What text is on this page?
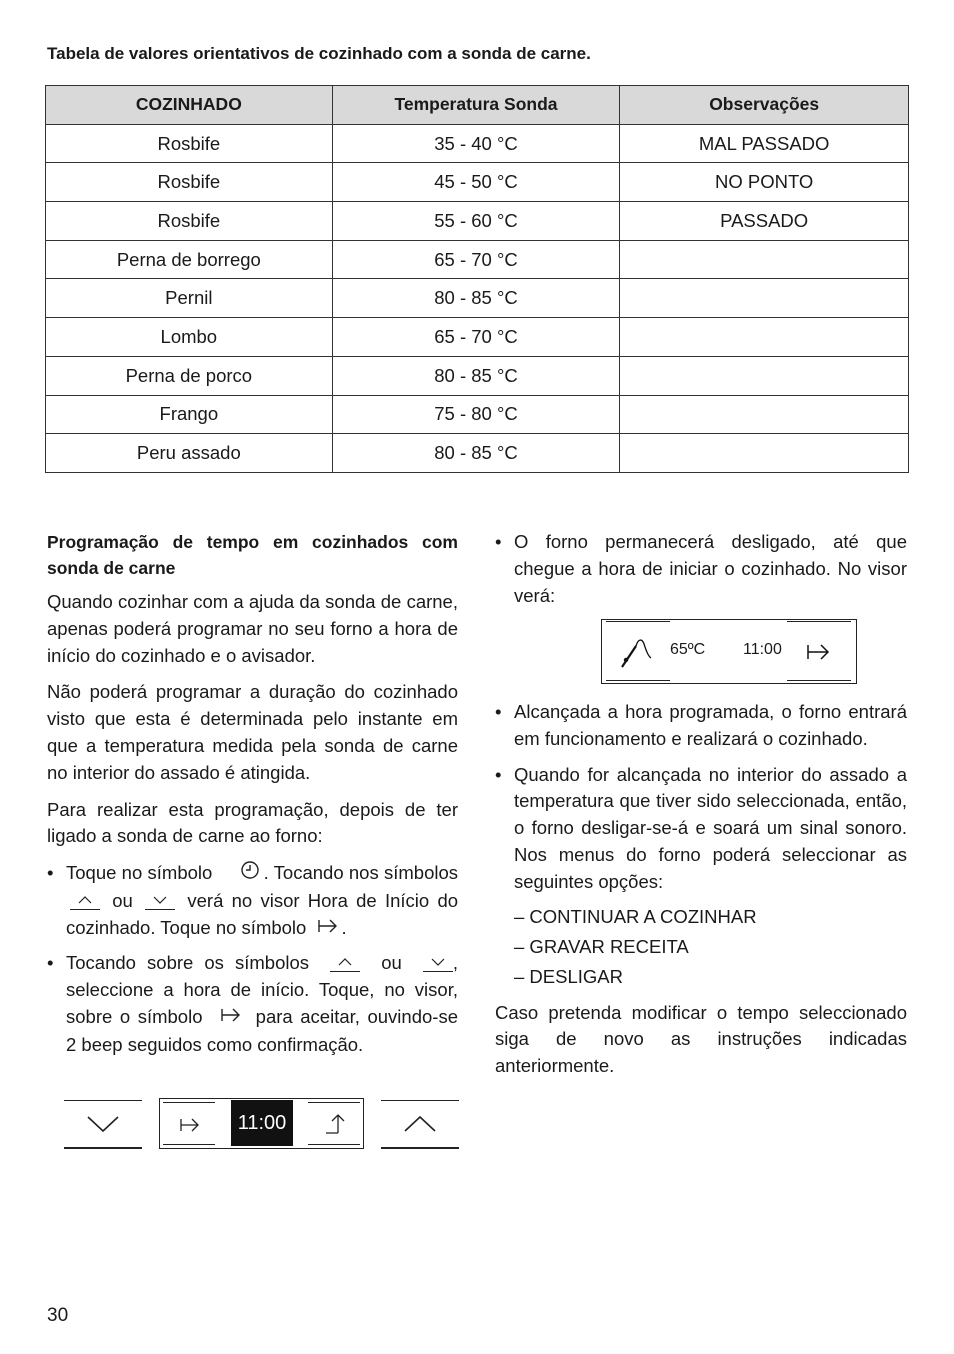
Tabela de valores orientativos de cozinhado com a sonda de carne.
COZINHADO	Temperatura Sonda	Observações
Rosbife	35 - 40 °C	MAL PASSADO
Rosbife	45 - 50 °C	NO PONTO
Rosbife	55 - 60 °C	PASSADO
Perna de borrego	65 - 70 °C	
Pernil	80 - 85 °C	
Lombo	65 - 70 °C	
Perna de porco	80 - 85 °C	
Frango	75 - 80 °C	
Peru assado	80 - 85 °C	
Programação de tempo em cozinhados com sonda de carne
Quando cozinhar com a ajuda da sonda de carne, apenas poderá programar no seu forno a hora de início do cozinhado e o avisador.
Não poderá programar a duração do cozinhado visto que esta é determinada pelo instante em que a temperatura medida pela sonda de carne no interior do assado é atingida.
Para realizar esta programação, depois de ter ligado a sonda de carne ao forno:
• Toque no símbolo	. Tocando nos símbolos
ou	verá no visor Hora de Início do cozinhado. Toque no símbolo .
• Tocando sobre os símbolos	ou	, seleccione a hora de início. Toque, no visor, sobre o símbolo	para aceitar, ouvindo-se 2 beep seguidos como confirmação.
11:00
• O forno permanecerá desligado, até que chegue a hora de iniciar o cozinhado. No visor verá:
65ºC	11:00
• Alcançada a hora programada, o forno entrará em funcionamento e realizará o cozinhado.
• Quando for alcançada no interior do assado a temperatura que tiver sido seleccionada, então, o forno desligar-se-á e soará um sinal sonoro. Nos menus do forno poderá seleccionar as seguintes opções:
– CONTINUAR A COZINHAR
– GRAVAR RECEITA
– DESLIGAR
Caso pretenda modificar o tempo seleccionado siga de novo as instruções indicadas anteriormente.
30
